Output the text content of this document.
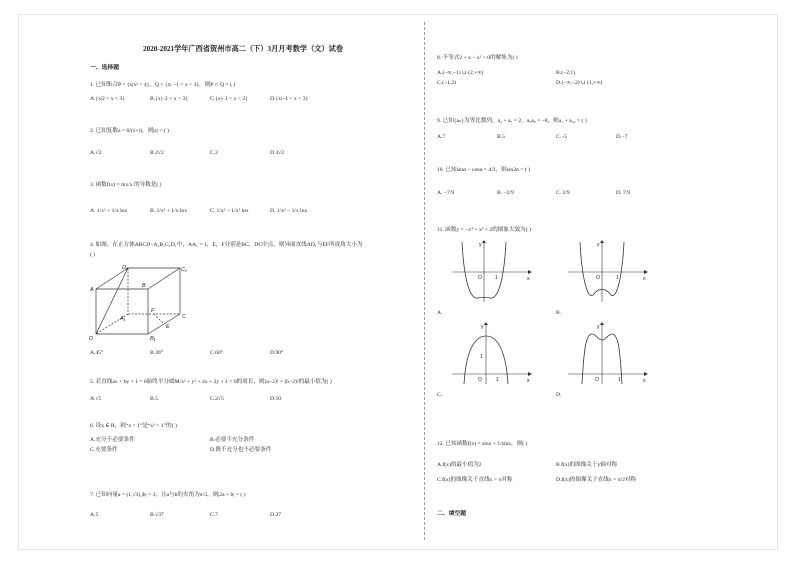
2020-2021学年广西省贺州市高二（下）3月月考数学（文）试卷
一、选择题
1. 已知集合P = {x|x² < 4}，Q = {x| −1 < x < 3}，则P ∩ Q = ( )
A.{x|2 < x < 3}	B.{x|−2 < x < 3}	C.{x|−1 < x < 2}	D.{x|−1 < x < 3}
2. 已知复数z = 6/(1+i)，则|z| = ( )
A.√2	B.2√2	C.3	D.3√2
3. 函数f(x) = lnx/x 的导数是( )
A. 1/x² + 1/x lnx	B. 1/x² + 1/x lnx	C. 1/x² − 1/x² lnx	D. 1/x² − 1/x lnx
4. 如图，在正方体ABCD−A₁B₁C₁D₁中，AA₁ = 1，E，F分别是BC，DC中点，则异面直线AD₁与EF所成角大小为
( )
A
B
D₁	C₁
A₁	C
D	B₁
E
F
A.45°	B.30°	C.60°	D.90°
5. 若直线ax + by + 1 = 0始终平分圆M:x² + y² + 4x + 2y + 1 = 0的周长，则(a−2)² + (b−2)²的最小值为( )
A.√5	B.5	C.2√5	D.10
6. 设x ∈ R，则“x > 1”是“x³ > 1”的( )
A.充分不必要条件	B.必要不充分条件
C.充要条件	D.既不充分也不必要条件
7. 已知向量a = (1,√3),|b| = 3，且a与b的夹角为π/3，则|2a + b| = ( )
A.5	B.√37	C.7	D.37
8. 不等式2 + x − x² < 0的解集为( )
A.(−∞,−1) ∪ (2,+∞)	B.(−2,1)
C.(−1,2)	D.(−∞,−2) ∪ (1,+∞)
9. 已知{aₙ}为等比数列，a₄ + a₇ = 2，a₅a₆ = −8，则a₁ + a₁₀ = ( )
A.7	B.5	C.−5	D.−7
10. 已知sinα − cosα = 4/3，则sin2α = ( )
A. −7/9	B. −2/9	C. 2/9	D. 7/9
11. 函数y = −x⁴ + x² + 2的图象大致为( )
y
x
O	1
A.
y
x
O	1
B.
y
x
O	1
1
C.
y
x
O	1
D.
12. 已知函数f(x) = sinx + 1/sinx，则( )
A.f(x)的最小值为2	B.f(x)的图像关于y轴对称
C.f(x)的图像关于直线x = π对称	D.f(x)的图像关于直线x = π/2对称
二、填空题
